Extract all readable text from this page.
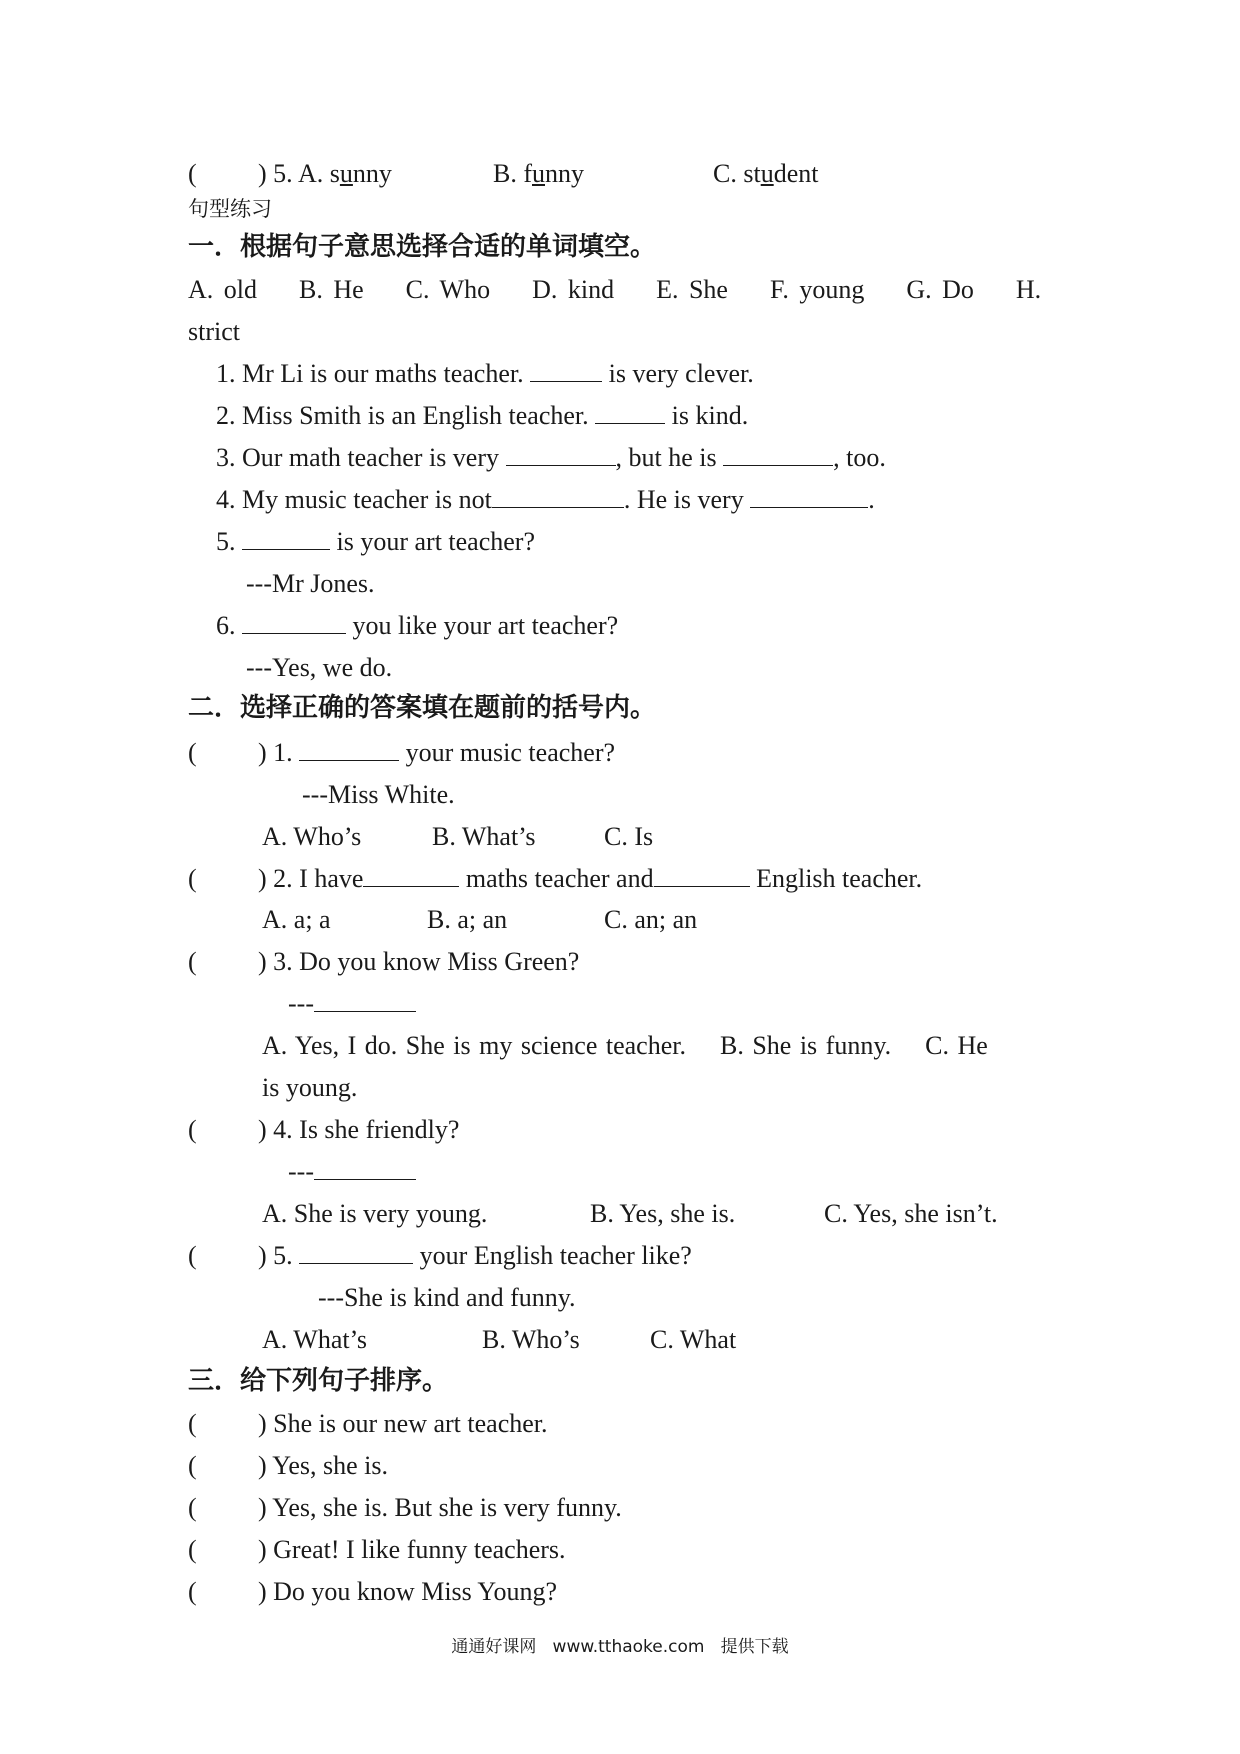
( ) 5. A. sunny	B. funny	C. student
句型练习
一．根据句子意思选择合适的单词填空。
A. old    B. He    C. Who    D. kind    E. She    F. young    G. Do    H.
strict
1. Mr Li is our maths teacher.	is very clever.
2. Miss Smith is an English teacher.	is kind.
3. Our math teacher is very	, but he is	, too.
4. My music teacher is not	. He is very	.
5.	is your art teacher?
---Mr Jones.
6.	you like your art teacher?
---Yes, we do.
二．选择正确的答案填在题前的括号内。
( ) 1.	your music teacher?
---Miss White.
A. Who’s	B. What’s	C. Is
( ) 2. I have	maths teacher and	English teacher.
A. a; a	B. a; an	C. an; an
( ) 3. Do you know Miss Green?
---
A. Yes, I do. She is my science teacher.    B. She is funny.    C. He
is young.
( ) 4. Is she friendly?
---
A. She is very young.	B. Yes, she is.	C. Yes, she isn’t.
( ) 5.	your English teacher like?
---She is kind and funny.
A. What’s	B. Who’s	C. What
三．给下列句子排序。
( ) She is our new art teacher.
( ) Yes, she is.
( ) Yes, she is. But she is very funny.
( ) Great! I like funny teachers.
( ) Do you know Miss Young?
通通好课网   www.tthaoke.com   提供下载
